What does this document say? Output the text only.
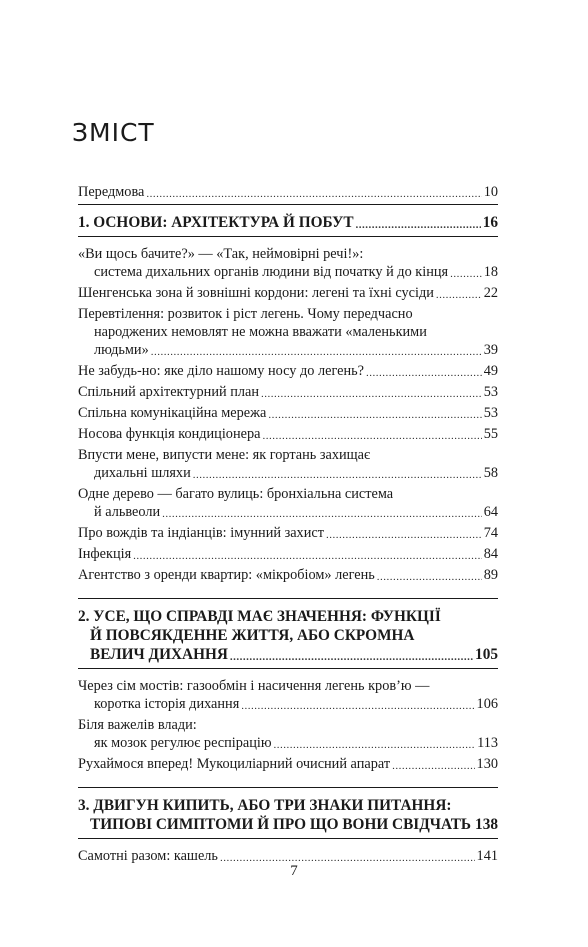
ЗМІСТ
Передмова .....	10
1. ОСНОВИ: АРХІТЕКТУРА Й ПОБУТ .....	16
«Ви щось бачите?» — «Так, неймовірні речі!»:
система дихальних органів людини від початку й до кінця ..... 18
Шенгенська зона й зовнішні кордони: легені та їхні сусіди .....	22
Перевтілення: розвиток і ріст легень. Чому передчасно
народжених немовлят не можна вважати «маленькими
людьми» .....	39
Не забудь-но: яке діло нашому носу до легень? .....	49
Спільний архітектурний план .....	53
Спільна комунікаційна мережа .....	53
Носова функція кондиціонера .....	55
Впусти мене, випусти мене: як гортань захищає
дихальні шляхи .....	58
Одне дерево — багато вулиць: бронхіальна система
й альвеоли .....	64
Про вождів та індіанців: імунний захист .....	74
Інфекція .....	84
Агентство з оренди квартир: «мікробіом» легень .....	89
2. УСЕ, ЩО СПРАВДІ МАЄ ЗНАЧЕННЯ: ФУНКЦІЇ
Й ПОВСЯКДЕННЕ ЖИТТЯ, АБО СКРОМНА
ВЕЛИЧ ДИХАННЯ .....	105
Через сім мостів: газообмін і насичення легень кров’ю —
коротка історія дихання .....	106
Біля важелів влади:
як мозок регулює респірацію .....	113
Рухаймося вперед! Мукоциліарний очисний апарат .....	130
3. ДВИГУН КИПИТЬ, АБО ТРИ ЗНАКИ ПИТАННЯ:
ТИПОВІ СИМПТОМИ Й ПРО ЩО ВОНИ СВІДЧАТЬ 138
Самотні разом: кашель .....	141
7
